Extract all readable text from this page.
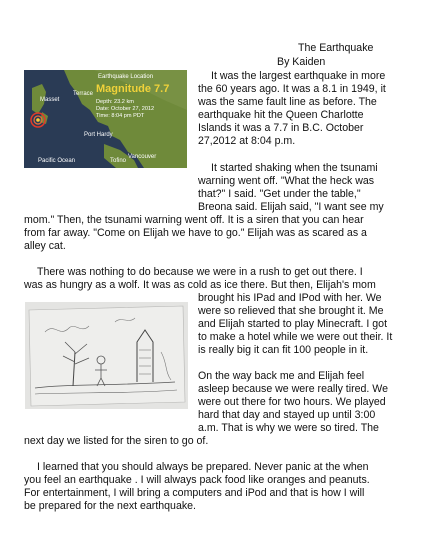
The Earthquake
By Kaiden
Earthquake Location
Magnitude 7.7
Depth: 23.2 km
Date: October 27, 2012
Time: 8:04 pm PDT
Masset
Terrace
Port Hardy
Pacific Ocean	Tofino
Vancouver
It was the largest earthquake in more
the 60 years ago. It was a 8.1 in 1949, it
was the same fault line as before. The
earthquake hit the Queen Charlotte
Islands it was a 7.7 in B.C. October
27,2012 at 8:04 p.m.
It started shaking when the tsunami
warning went off. "What the heck was
that?" I said. "Get under the table,"
Breona said. Elijah said, "I want see my
mom." Then, the tsunami warning went off. It is a siren that you can hear
from far away. "Come on Elijah we have to go." Elijah was as scared as a
alley cat.
There was nothing to do because we were in a rush to get out there. I
was as hungry as a wolf. It was as cold as ice there. But then, Elijah's mom
brought his IPad and IPod with her. We
were so relieved that she brought it. Me
and Elijah started to play Minecraft. I got
to make a hotel while we were out their. It
is really big it can fit 100 people in it.
On the way back me and Elijah feel
asleep because we were really tired. We
were out there for two hours. We played
hard that day and stayed up until 3:00
a.m. That is why we were so tired. The
next day we listed for the siren to go of.
I learned that you should always be prepared. Never panic at the when
you feel an earthquake . I will always pack food like oranges and peanuts.
For entertainment, I will bring a computers and iPod and that is how I will
be prepared for the next earthquake.
